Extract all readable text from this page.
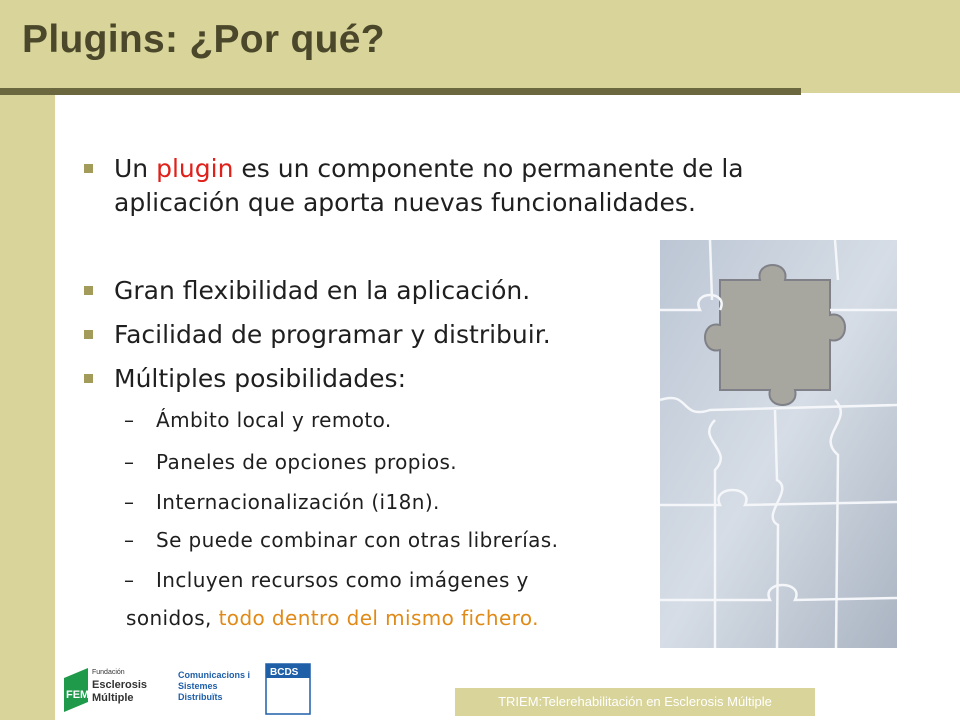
Plugins: ¿Por qué?
Un plugin es un componente no permanente de la
aplicación que aporta nuevas funcionalidades.
Gran flexibilidad en la aplicación.
Facilidad de programar y distribuir.
Múltiples posibilidades:
– Ámbito local y remoto.
– Paneles de opciones propios.
– Internacionalización (i18n).
– Se puede combinar con otras librerías.
– Incluyen recursos como imágenes y
sonidos, todo dentro del mismo fichero.
FEM
Fundación
Esclerosis
Múltiple
Comunicacions i
Sistemes
Distribuïts
BCDS
TRIEM:Telerehabilitación en Esclerosis Múltiple
